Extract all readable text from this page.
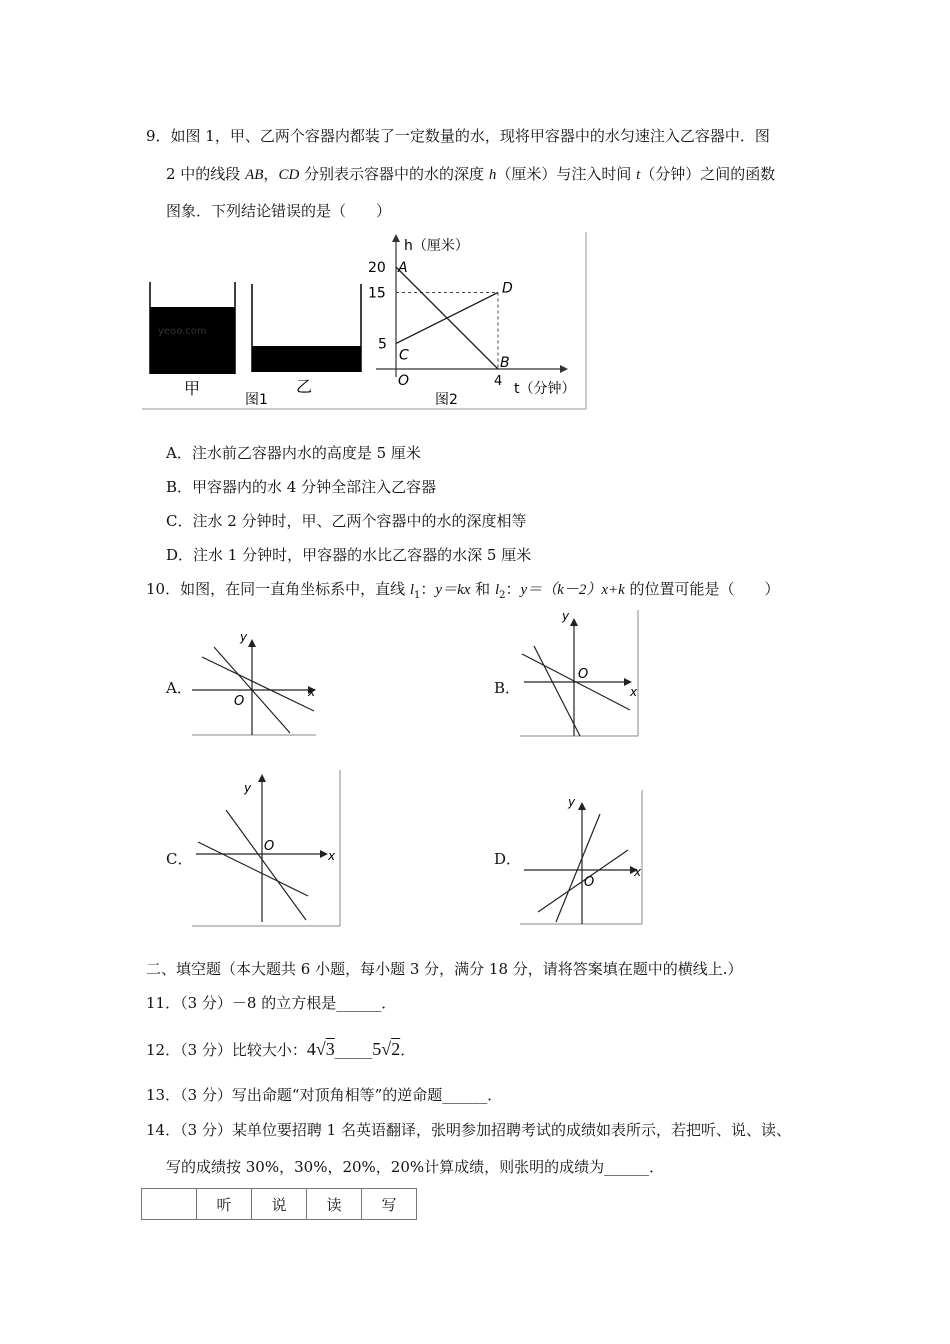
9．如图 1，甲、乙两个容器内都装了一定数量的水，现将甲容器中的水匀速注入乙容器中．图
2 中的线段 AB，CD 分别表示容器中的水的深度 h（厘米）与注入时间 t（分钟）之间的函数
图象．下列结论错误的是（　　）
yeoo.com
甲	乙
图1
h（厘米）
t（分钟）
20
15
5
4
A
B
C
D
O
图2
A．注水前乙容器内水的高度是 5 厘米
B．甲容器内的水 4 分钟全部注入乙容器
C．注水 2 分钟时，甲、乙两个容器中的水的深度相等
D．注水 1 分钟时，甲容器的水比乙容器的水深 5 厘米
10．如图，在同一直角坐标系中，直线 $l_1$：y＝kx 和 $l_2$：y＝（k－2）x+k 的位置可能是（　　）
A．	B．
C．	D．
x
y
O
x
y
O
x
y
O
x
y
O
二、填空题（本大题共 6 小题，每小题 3 分，满分 18 分，请将答案填在题中的横线上.）
11．（3 分）－8 的立方根是______．
12．（3 分）比较大小：4√3_____5√2．
13．（3 分）写出命题“对顶角相等”的逆命题______．
14．（3 分）某单位要招聘 1 名英语翻译，张明参加招聘考试的成绩如表所示，若把听、说、读、
写的成绩按 30%，30%，20%，20%计算成绩，则张明的成绩为______．
	听	说	读	写
